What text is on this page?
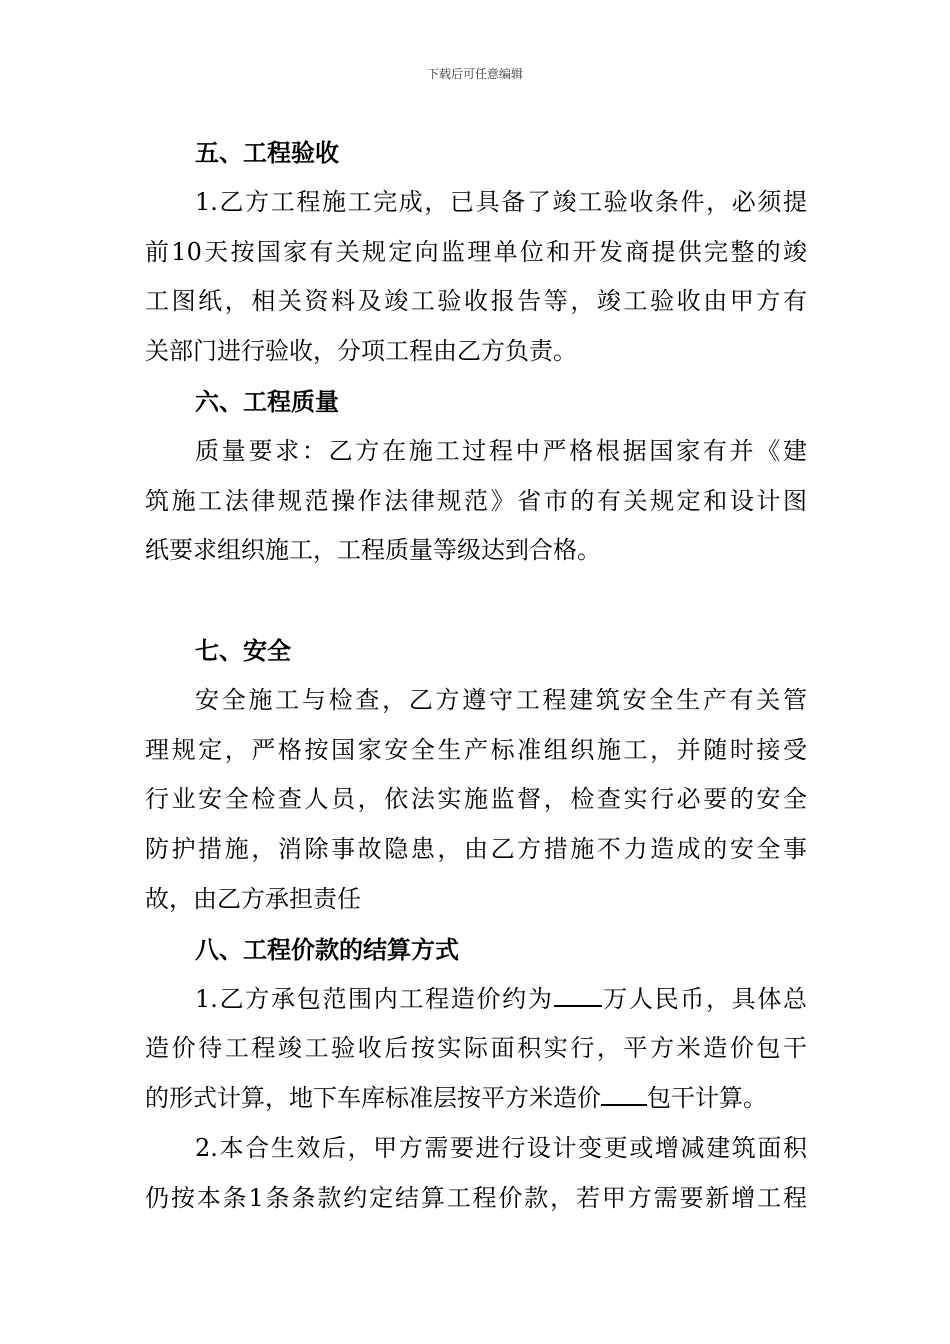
下载后可任意编辑
五、工程验收
1.乙方工程施工完成，已具备了竣工验收条件，必须提
前10天按国家有关规定向监理单位和开发商提供完整的竣
工图纸，相关资料及竣工验收报告等，竣工验收由甲方有
关部门进行验收，分项工程由乙方负责。
六、工程质量
质量要求：乙方在施工过程中严格根据国家有并《建
筑施工法律规范操作法律规范》省市的有关规定和设计图
纸要求组织施工，工程质量等级达到合格。
七、安全
安全施工与检查，乙方遵守工程建筑安全生产有关管
理规定，严格按国家安全生产标准组织施工，并随时接受
行业安全检查人员，依法实施监督，检查实行必要的安全
防护措施，消除事故隐患，由乙方措施不力造成的安全事
故，由乙方承担责任
八、工程价款的结算方式
1.乙方承包范围内工程造价约为 万人民币，具体总
造价待工程竣工验收后按实际面积实行，平方米造价包干
的形式计算，地下车库标准层按平方米造价 包干计算。
2.本合生效后，甲方需要进行设计变更或增减建筑面积
仍按本条1条条款约定结算工程价款，若甲方需要新增工程
